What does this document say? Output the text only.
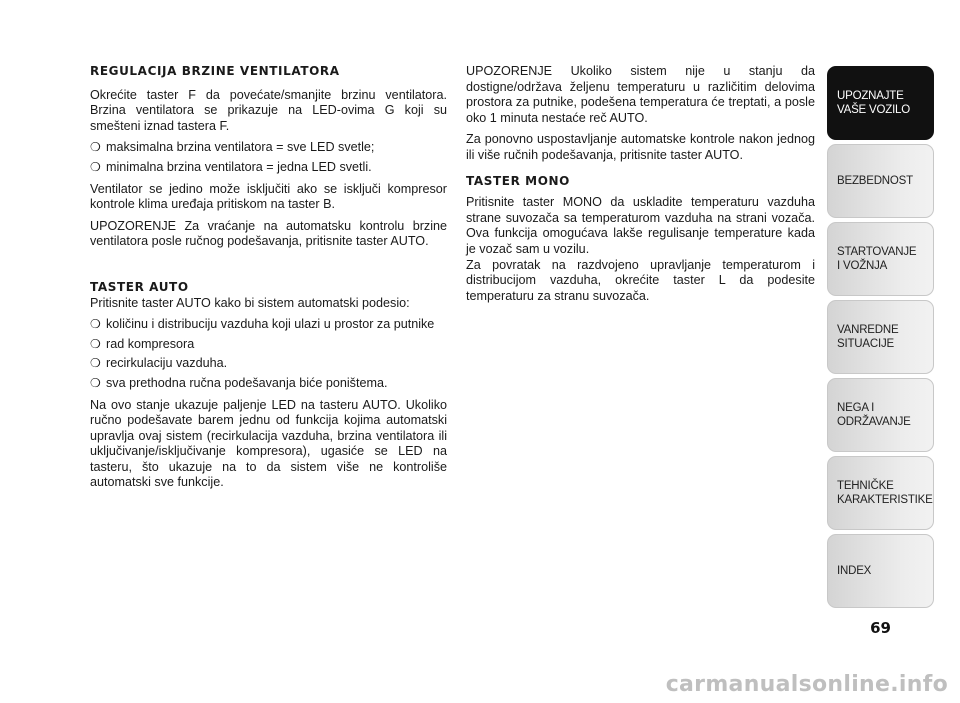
REGULACIJA BRZINE VENTILATORA

Okrećite taster F da povećate/smanjite brzinu ventilatora. Brzina ventilatora se prikazuje na LED-ovima G koji su smešteni iznad tastera F.

❍ maksimalna brzina ventilatora = sve LED svetle;
❍ minimalna brzina ventilatora = jedna LED svetli.

Ventilator se jedino može isključiti ako se isključi kompresor kontrole klima uređaja pritiskom na taster B.

UPOZORENJE Za vraćanje na automatsku kontrolu brzine ventilatora posle ručnog podešavanja, pritisnite taster AUTO.

TASTER AUTO

Pritisnite taster AUTO kako bi sistem automatski podesio:

❍ količinu i distribuciju vazduha koji ulazi u prostor za putnike
❍ rad kompresora
❍ recirkulaciju vazduha.
❍ sva prethodna ručna podešavanja biće poništema.

Na ovo stanje ukazuje paljenje LED na tasteru AUTO. Ukoliko ručno podešavate barem jednu od funkcija kojima automatski upravlja ovaj sistem (recirkulacija vazduha, brzina ventilatora ili uključivanje/isključivanje kompresora), ugasiće se LED na tasteru, što ukazuje na to da sistem više ne kontroliše automatski sve funkcije.

UPOZORENJE Ukoliko sistem nije u stanju da dostigne/održava željenu temperaturu u različitim delovima prostora za putnike, podešena temperatura će treptati, a posle oko 1 minuta nestaće reč AUTO.

Za ponovno uspostavljanje automatske kontrole nakon jednog ili više ručnih podešavanja, pritisnite taster AUTO.

TASTER MONO

Pritisnite taster MONO da uskladite temperaturu vazduha strane suvozača sa temperaturom vazduha na strani vozača. Ova funkcija omogućava lakše regulisanje temperature kada je vozač sam u vozilu.

Za povratak na razdvojeno upravljanje temperaturom i distribucijom vazduha, okrećite taster L da podesite temperaturu za stranu suvozača.

UPOZNAJTE
VAŠE VOZILO
BEZBEDNOST
STARTOVANJE
I VOŽNJA
VANREDNE
SITUACIJE
NEGA I
ODRŽAVANJE
TEHNIČKE
KARAKTERISTIKE
INDEX
69
carmanualsonline.info
